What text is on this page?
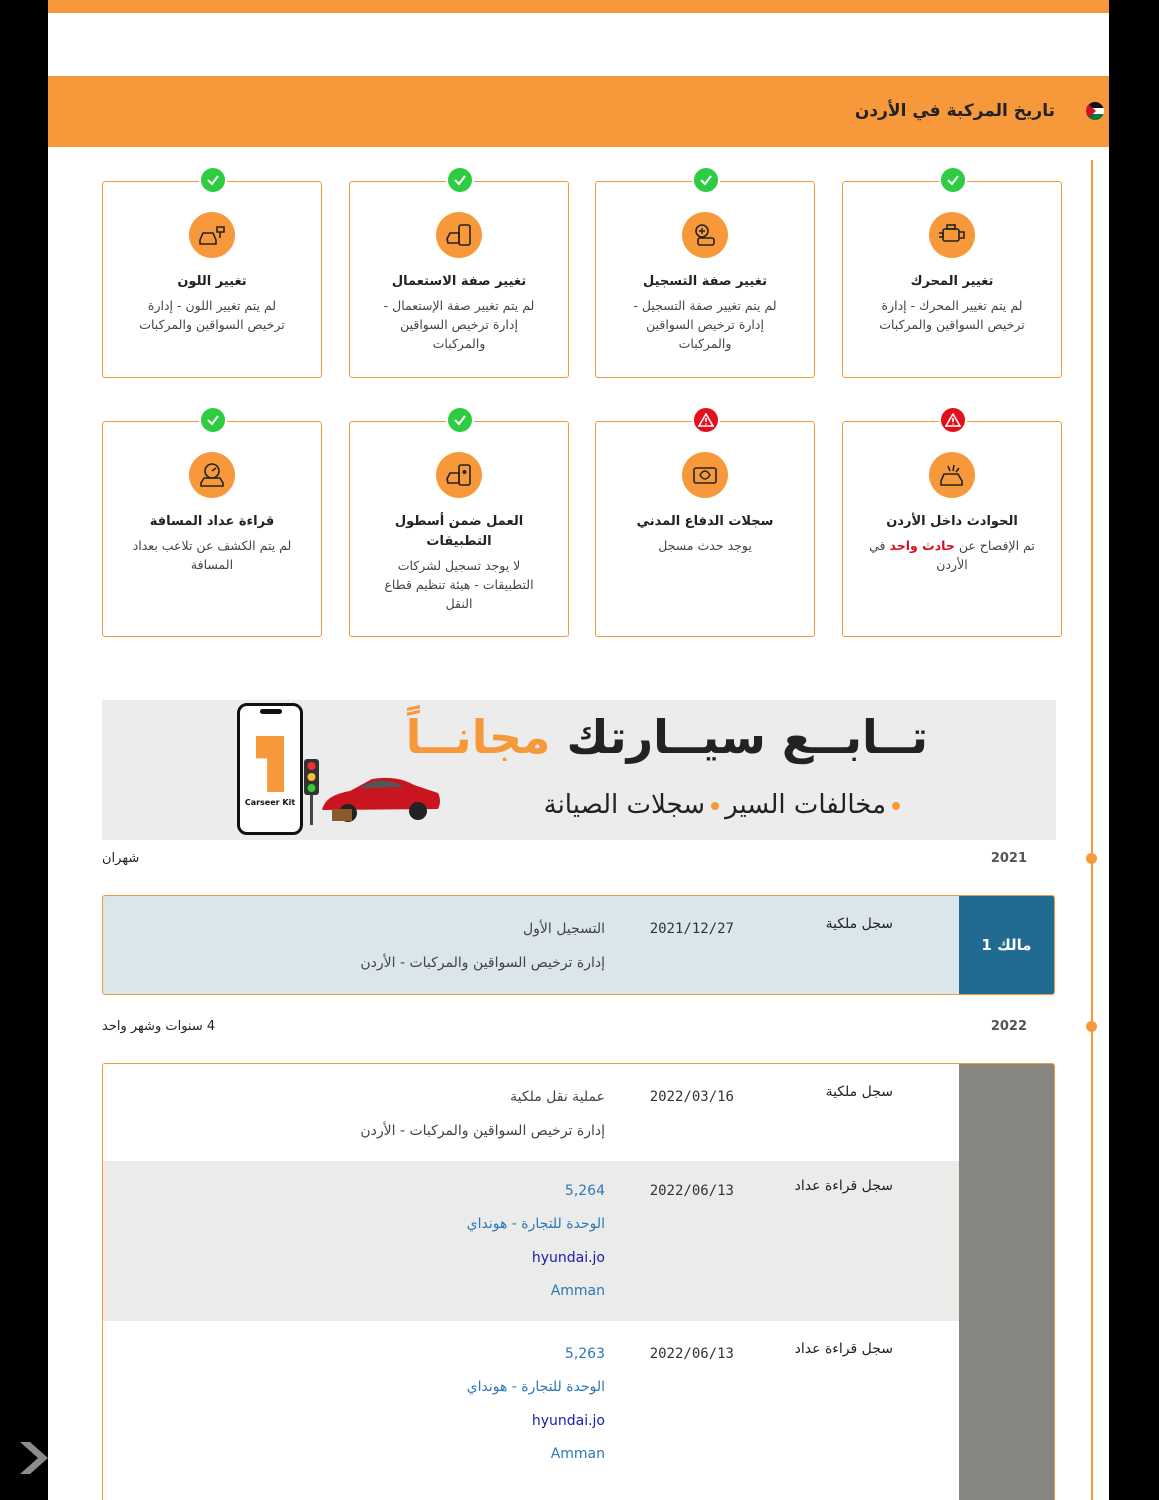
تاريخ المركبة في الأردن
تغيير المحرك
لم يتم تغيير المحرك - إدارة ترخيص السواقين والمركبات
تغيير صفة التسجيل
لم يتم تغيير صفة التسجيل - إدارة ترخيص السواقين والمركبات
تغيير صفة الاستعمال
لم يتم تغيير صفة الإستعمال - إدارة ترخيص السواقين والمركبات
تغيير اللون
لم يتم تغيير اللون - إدارة ترخيص السواقين والمركبات
الحوادث داخل الأردن
تم الإفصاح عن حادث واحد في الأردن
سجلات الدفاع المدني
يوجد حدث مسجل
العمل ضمن أسطول التطبيقات
لا يوجد تسجيل لشركات التطبيقات - هيئة تنظيم قطاع النقل
قراءة عداد المسافة
لم يتم الكشف عن تلاعب بعداد المسافة
تــابــع سيــارتك مجانــاً
مخالفات السيرسجلات الصيانة
Carseer Kit
2021
شهران
مالك 1
سجل ملكية
2021/12/27
التسجيل الأول
إدارة ترخيص السواقين والمركبات - الأردن
2022
4 سنوات وشهر واحد
سجل ملكية
2022/03/16
عملية نقل ملكية
إدارة ترخيص السواقين والمركبات - الأردن
سجل قراءة عداد
2022/06/13
5,264
الوحدة للتجارة - هونداي
hyundai.jo
Amman
سجل قراءة عداد
2022/06/13
5,263
الوحدة للتجارة - هونداي
hyundai.jo
Amman
